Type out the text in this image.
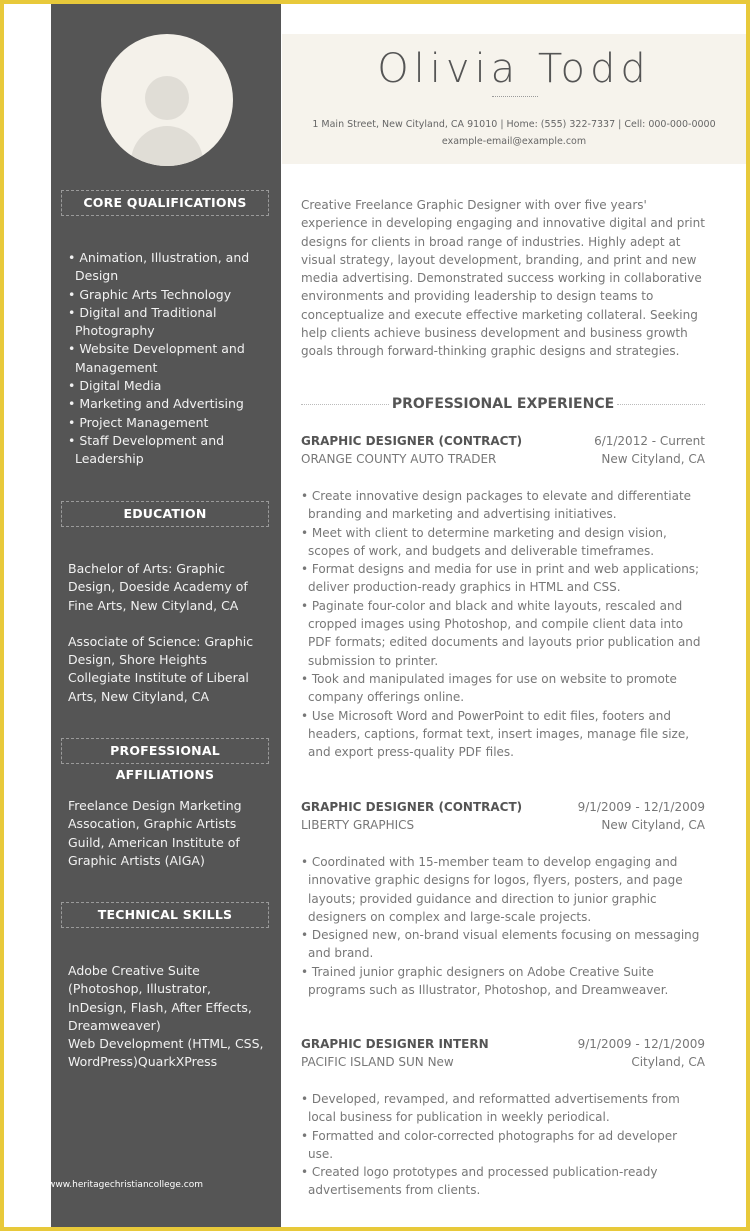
CORE QUALIFICATIONS
• Animation, Illustration, and Design
• Graphic Arts Technology
• Digital and Traditional Photography
• Website Development and Management
• Digital Media
• Marketing and Advertising
• Project Management
• Staff Development and Leadership
EDUCATION

Bachelor of Arts: Graphic Design, Doeside Academy of Fine Arts, New Cityland, CA

Associate of Science: Graphic Design, Shore Heights Collegiate Institute of Liberal Arts, New Cityland, CA

PROFESSIONAL AFFILIATIONS
Freelance Design Marketing Assocation, Graphic Artists Guild, American Institute of Graphic Artists (AIGA)
TECHNICAL SKILLS

Adobe Creative Suite (Photoshop, Illustrator, InDesign, Flash, After Effects, Dreamweaver)

Web Development (HTML, CSS, WordPress)QuarkXPress

Olivia Todd
1 Main Street, New Cityland, CA 91010 | Home: (555) 322-7337 | Cell: 000-000-0000
example-email@example.com
Creative Freelance Graphic Designer with over five years' experience in developing engaging and innovative digital and print designs for clients in broad range of industries. Highly adept at visual strategy, layout development, branding, and print and new media advertising. Demonstrated success working in collaborative environments and providing leadership to design teams to conceptualize and execute effective marketing collateral. Seeking help clients achieve business development and business growth goals through forward-thinking graphic designs and strategies.
PROFESSIONAL EXPERIENCE
GRAPHIC DESIGNER (CONTRACT)
ORANGE COUNTY AUTO TRADER
6/1/2012 - Current
New Cityland, CA
• Create innovative design packages to elevate and differentiate branding and marketing and advertising initiatives.
• Meet with client to determine marketing and design vision, scopes of work, and budgets and deliverable timeframes.
• Format designs and media for use in print and web applications; deliver production-ready graphics in HTML and CSS.
• Paginate four-color and black and white layouts, rescaled and cropped images using Photoshop, and compile client data into PDF formats; edited documents and layouts prior publication and submission to printer.
• Took and manipulated images for use on website to promote company offerings online.
• Use Microsoft Word and PowerPoint to edit files, footers and headers, captions, format text, insert images, manage file size, and export press-quality PDF files.
GRAPHIC DESIGNER (CONTRACT)
LIBERTY GRAPHICS
9/1/2009 - 12/1/2009
New Cityland, CA
• Coordinated with 15-member team to develop engaging and innovative graphic designs for logos, flyers, posters, and page layouts; provided guidance and direction to junior graphic designers on complex and large-scale projects.
• Designed new, on-brand visual elements focusing on messaging and brand.
• Trained junior graphic designers on Adobe Creative Suite programs such as Illustrator, Photoshop, and Dreamweaver.
GRAPHIC DESIGNER INTERN
PACIFIC ISLAND SUN New
9/1/2009 - 12/1/2009
Cityland, CA
• Developed, revamped, and reformatted advertisements from local business for publication in weekly periodical.
• Formatted and color-corrected photographs for ad developer use.
• Created logo prototypes and processed publication-ready advertisements from clients.
www.heritagechristiancollege.com
